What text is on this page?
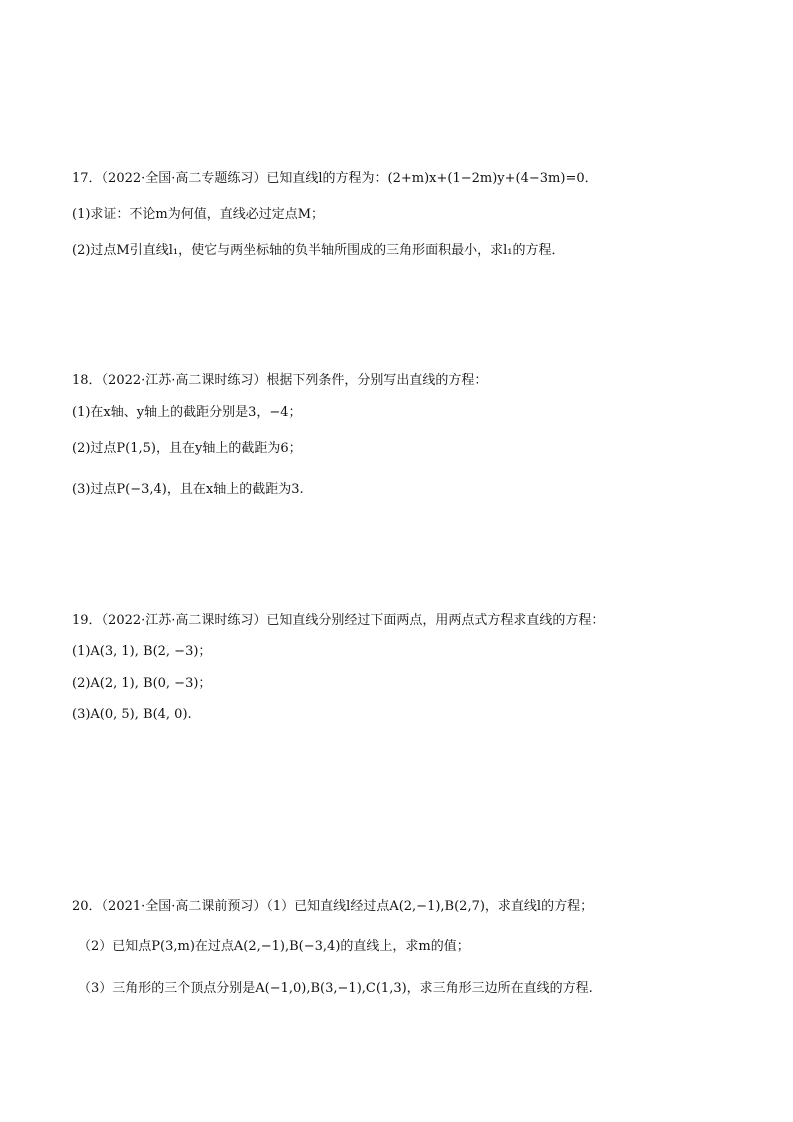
17．（2022·全国·高二专题练习）已知直线l的方程为：(2+m)x+(1−2m)y+(4−3m)=0．
(1)求证：不论m为何值，直线必过定点M；
(2)过点M引直线l₁，使它与两坐标轴的负半轴所围成的三角形面积最小，求l₁的方程．
18．（2022·江苏·高二课时练习）根据下列条件，分别写出直线的方程：
(1)在x轴、y轴上的截距分别是3，−4；
(2)过点P(1,5)，且在y轴上的截距为6；
(3)过点P(−3,4)，且在x轴上的截距为3.
19．（2022·江苏·高二课时练习）已知直线分别经过下面两点，用两点式方程求直线的方程：
(1)A(3, 1), B(2, −3)；
(2)A(2, 1), B(0, −3)；
(3)A(0, 5), B(4, 0).
20．（2021·全国·高二课前预习）（1）已知直线l经过点A(2,−1),B(2,7)，求直线l的方程；
（2）已知点P(3,m)在过点A(2,−1),B(−3,4)的直线上，求m的值；
（3）三角形的三个顶点分别是A(−1,0),B(3,−1),C(1,3)，求三角形三边所在直线的方程.
